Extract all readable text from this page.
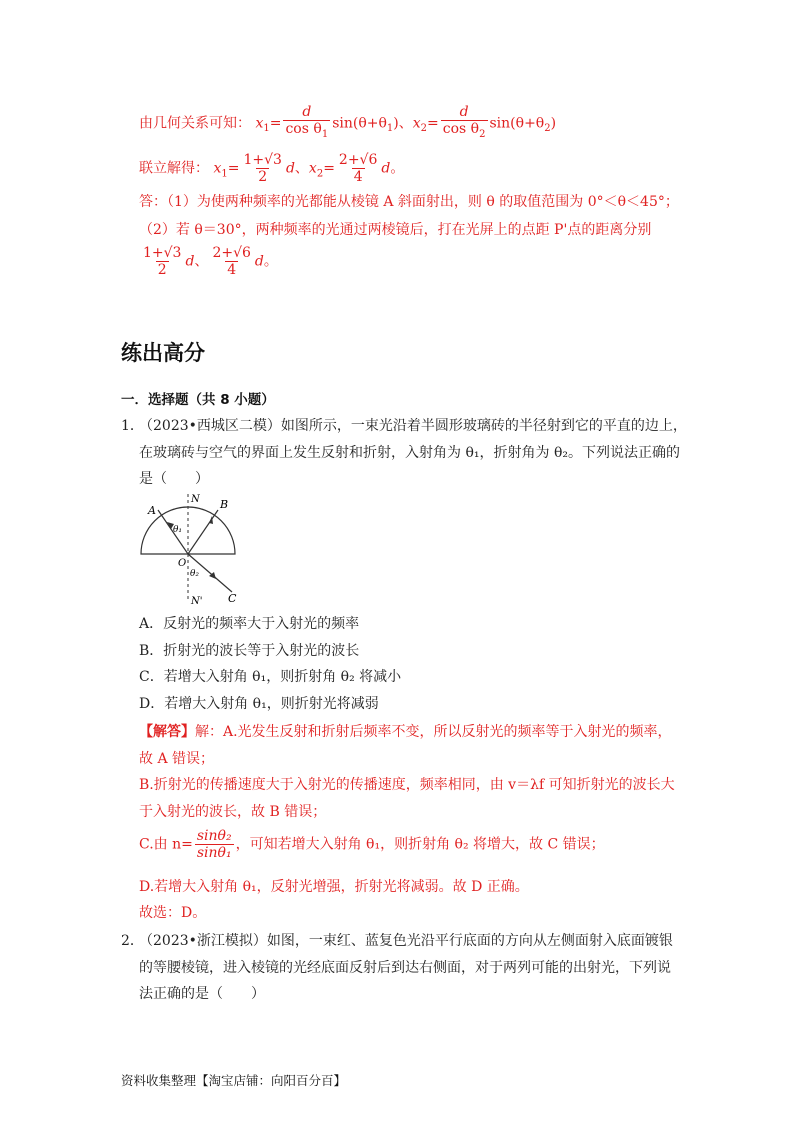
由几何关系可知： $x_1= \frac{d}{\cos \theta_1} \sin(\theta+\theta_1)$、$x_2= \frac{d}{\cos \theta_2} \sin(\theta+\theta_2)$
联立解得： $x_1= \frac{1+√3}{2}$ d、$x_2= \frac{2+√6}{4}$ d。
答：（1）为使两种频率的光都能从棱镜 A 斜面射出，则 θ 的取值范围为 0°＜θ＜45°；
（2）若 θ＝30°，两种频率的光通过两棱镜后，打在光屏上的点距 P'点的距离分别
$\frac{1+√3}{2}$ d、 $\frac{2+√6}{4}$ d。
练出高分
一．选择题（共 8 小题）
1．
（2023•西城区二模）如图所示，一束光沿着半圆形玻璃砖的半径射到它的平直的边上，
在玻璃砖与空气的界面上发生反射和折射，入射角为 θ₁，折射角为 θ₂。下列说法正确的
是（　　）
A	B
C
N
N'
O
θ₁
θ₂
A．反射光的频率大于入射光的频率
B．折射光的波长等于入射光的波长
C．若增大入射角 θ₁，则折射角 θ₂ 将减小
D．若增大入射角 θ₁，则折射光将减弱
【解答】解：A.光发生反射和折射后频率不变，所以反射光的频率等于入射光的频率，
故 A 错误；
B.折射光的传播速度大于入射光的传播速度，频率相同，由 v＝λf 可知折射光的波长大
于入射光的波长，故 B 错误；
C.由 $n= \frac{\text{sinθ₂}}{\text{sinθ₁}}$ ，可知若增大入射角 θ₁，则折射角 θ₂ 将增大，故 C 错误；
D.若增大入射角 θ₁，反射光增强，折射光将减弱。故 D 正确。
故选：D。
2．
（2023•浙江模拟）如图，一束红、蓝复色光沿平行底面的方向从左侧面射入底面镀银
的等腰棱镜，进入棱镜的光经底面反射后到达右侧面，对于两列可能的出射光，下列说
法正确的是（　　）
资料收集整理【淘宝店铺：向阳百分百】
